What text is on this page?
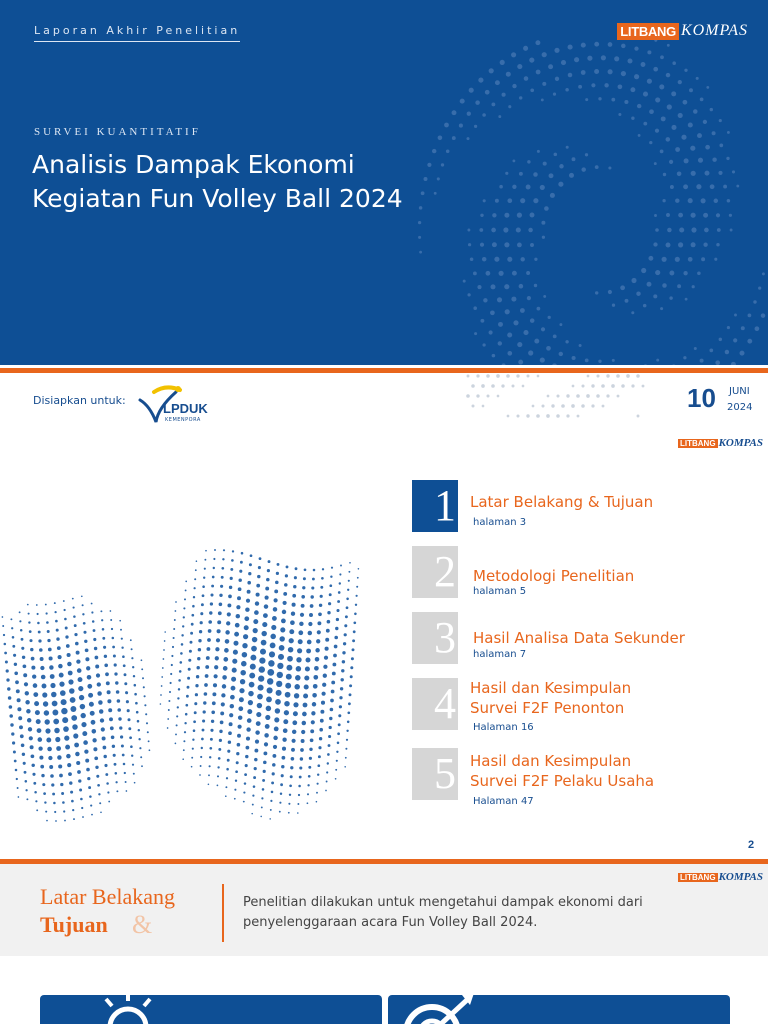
Laporan Akhir Penelitian	LITBANG KOMPAS
SURVEI KUANTITATIF
Analisis Dampak Ekonomi Kegiatan Fun Volley Ball 2024
Disiapkan untuk:
LPDUK
KEMENPORA
10 JUNI
2024
LITBANG KOMPAS
1 Latar Belakang & Tujuan
halaman 3
2 Metodologi Penelitian
halaman 5
3 Hasil Analisa Data Sekunder
halaman 7
4 Hasil dan Kesimpulan
Survei F2F Penonton
Halaman 16
5 Hasil dan Kesimpulan
Survei F2F Pelaku Usaha
Halaman 47
2
LITBANG KOMPAS
Latar Belakang
Tujuan &

Penelitian dilakukan untuk mengetahui dampak ekonomi dari penyelenggaraan acara Fun Volley Ball 2024.
